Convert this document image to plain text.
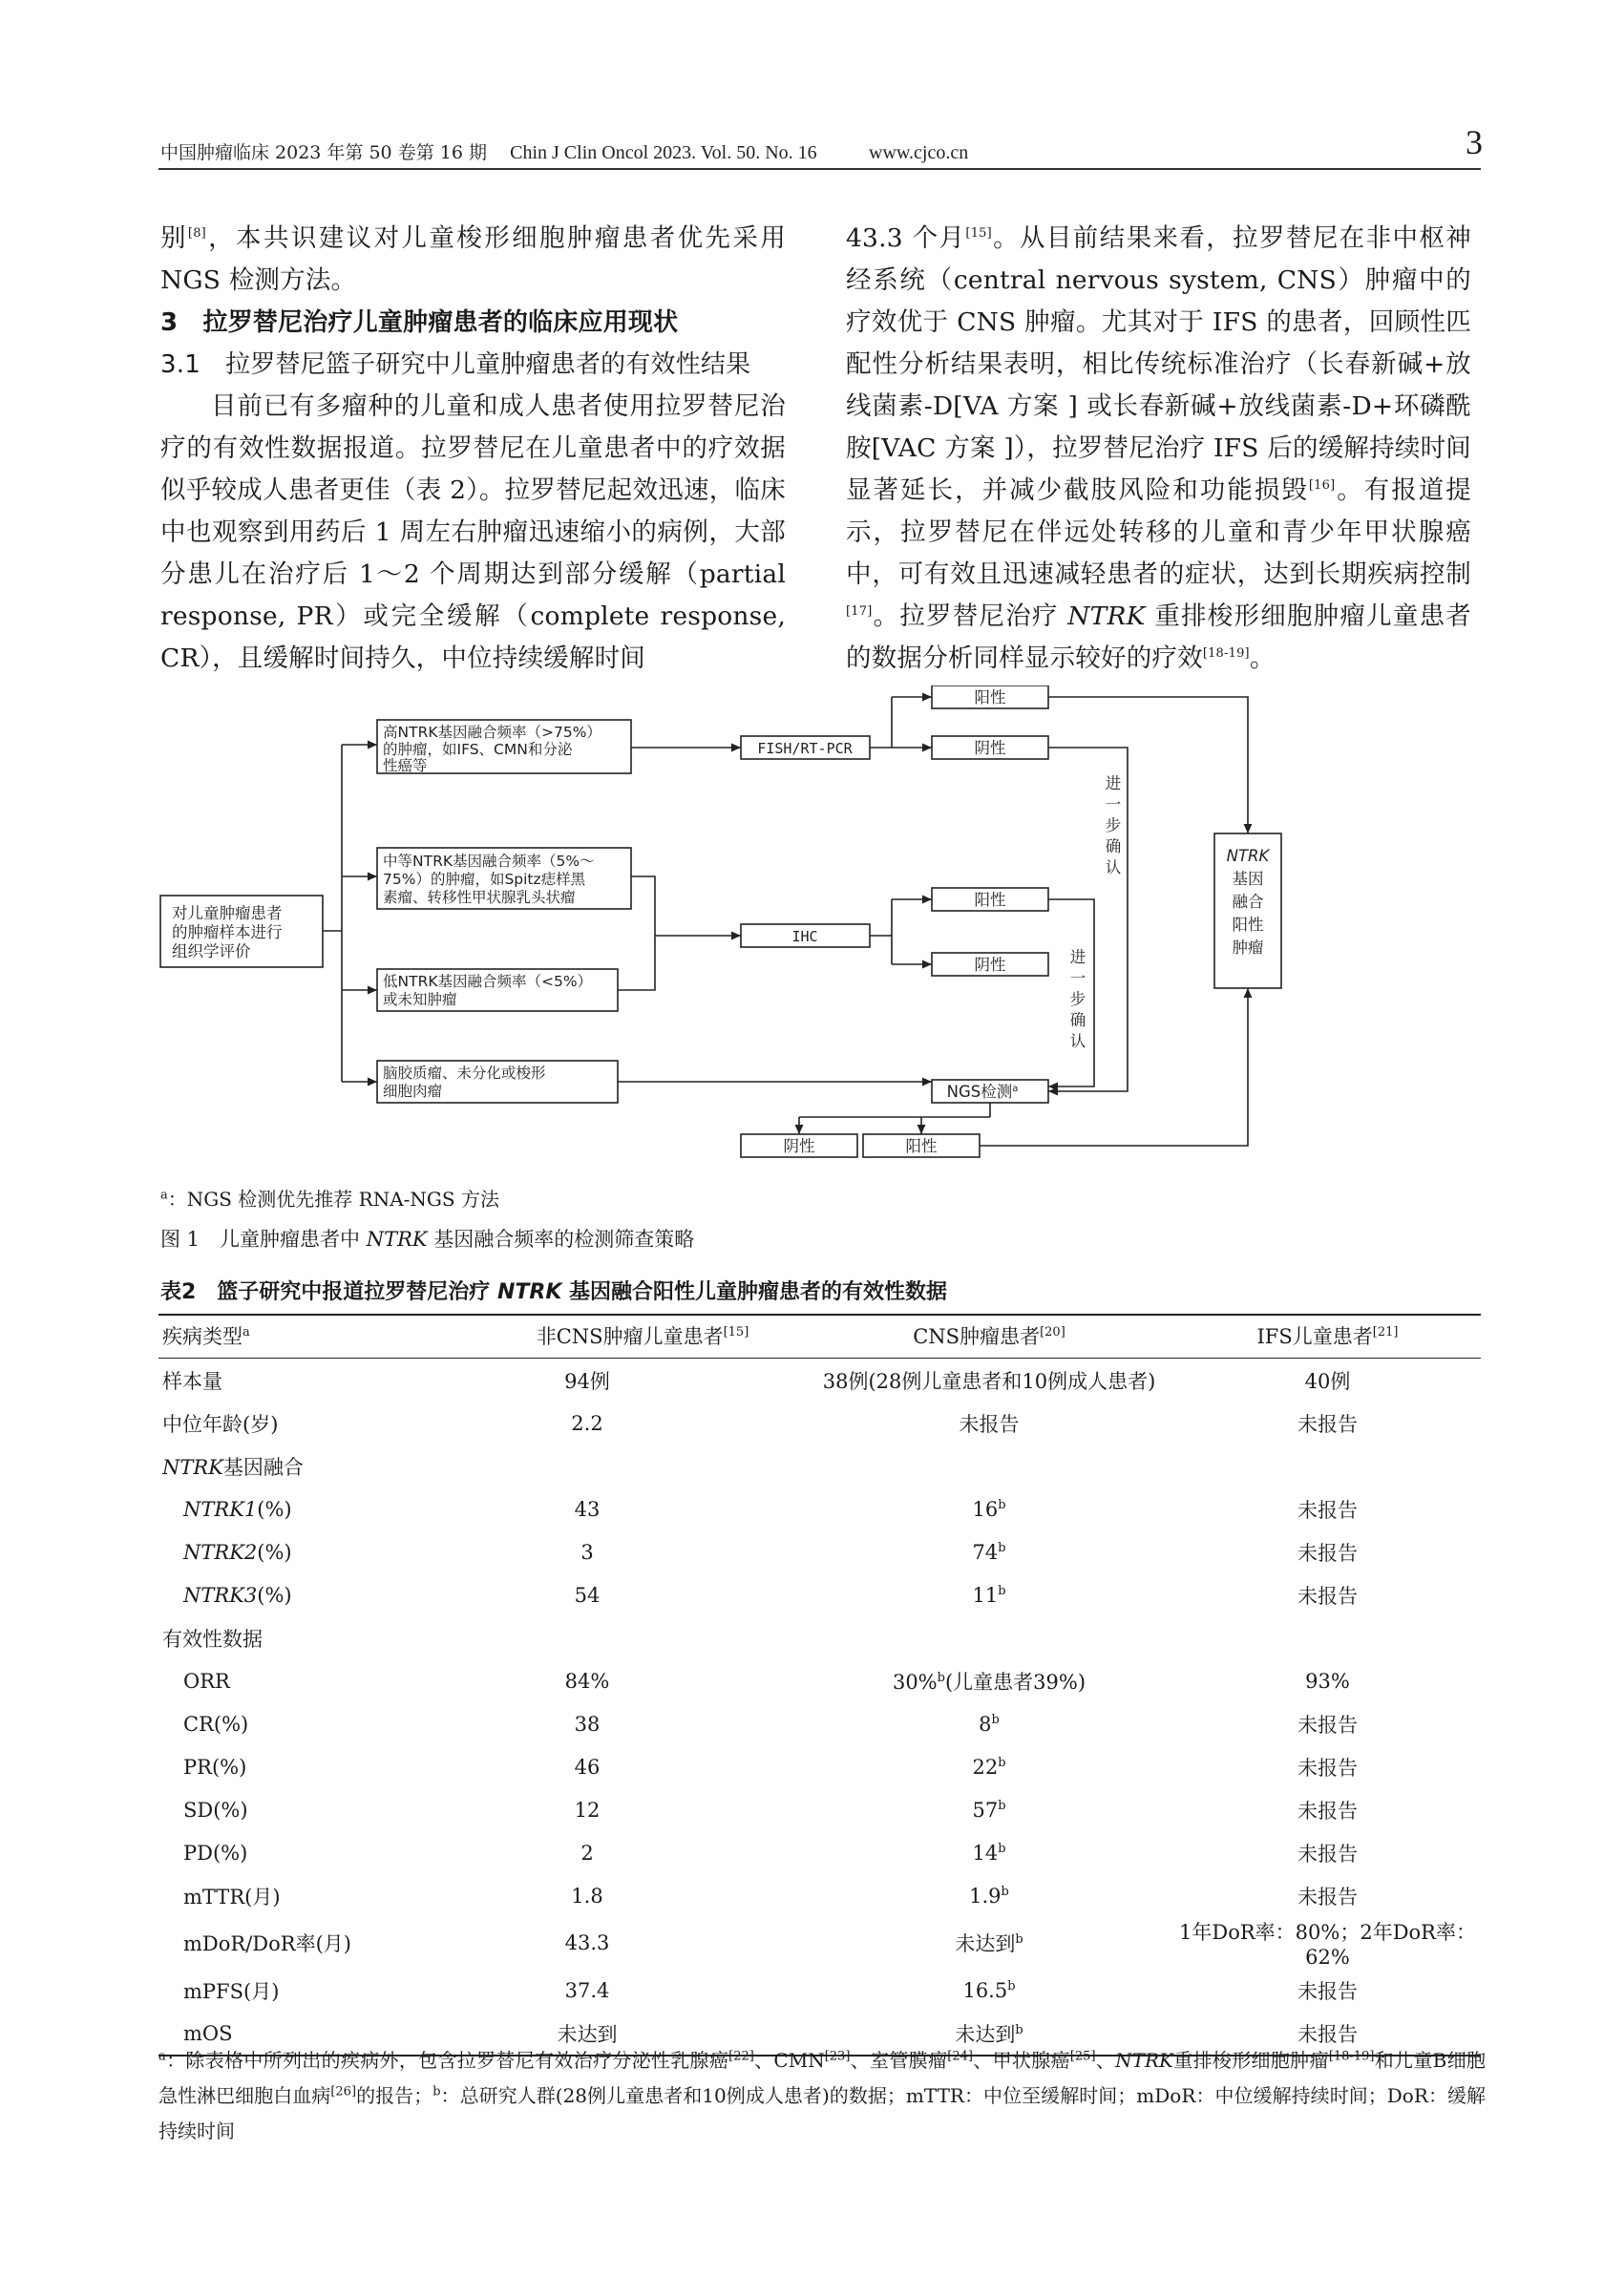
中国肿瘤临床 2023 年第 50 卷第 16 期 Chin J Clin Oncol 2023. Vol. 50. No. 16	www.cjco.cn	3

别[8]，本共识建议对儿童梭形细胞肿瘤患者优先采用NGS 检测方法。

3　拉罗替尼治疗儿童肿瘤患者的临床应用现状

3.1　拉罗替尼篮子研究中儿童肿瘤患者的有效性结果

目前已有多瘤种的儿童和成人患者使用拉罗替尼治疗的有效性数据报道。拉罗替尼在儿童患者中的疗效据似乎较成人患者更佳（表 2）。拉罗替尼起效迅速，临床中也观察到用药后 1 周左右肿瘤迅速缩小的病例，大部分患儿在治疗后 1～2 个周期达到部分缓解（partial response, PR）或完全缓解（complete response, CR），且缓解时间持久，中位持续缓解时间

43.3 个月[15]。从目前结果来看，拉罗替尼在非中枢神经系统（central nervous system, CNS）肿瘤中的疗效优于 CNS 肿瘤。尤其对于 IFS 的患者，回顾性匹配性分析结果表明，相比传统标准治疗（长春新碱+放线菌素-D[VA 方案 ] 或长春新碱+放线菌素-D+环磷酰胺[VAC 方案 ]），拉罗替尼治疗 IFS 后的缓解持续时间显著延长，并减少截肢风险和功能损毁[16]。有报道提示，拉罗替尼在伴远处转移的儿童和青少年甲状腺癌中，可有效且迅速减轻患者的症状，达到长期疾病控制[17]。拉罗替尼治疗 NTRK 重排梭形细胞肿瘤儿童患者的数据分析同样显示较好的疗效[18-19]。

对儿童肿瘤患者
的肿瘤样本进行
组织学评价
高NTRK基因融合频率（>75%）
的肿瘤，如IFS、CMN和分泌
性癌等
中等NTRK基因融合频率（5%～
75%）的肿瘤，如Spitz痣样黑
素瘤、转移性甲状腺乳头状瘤
低NTRK基因融合频率（<5%）
或未知肿瘤
脑胶质瘤、未分化或梭形
细胞肉瘤
FISH/RT-PCR
IHC
阳性
阴性
阳性
阴性
NGS检测$^a$
阴性	阳性
进
一
步
确
认
进
一
步
确
认
NTRK
基因
融合
阳性
肿瘤
$^a$：NGS 检测优先推荐 RNA-NGS 方法
图 1　儿童肿瘤患者中 NTRK 基因融合频率的检测筛查策略
表2　篮子研究中报道拉罗替尼治疗 NTRK 基因融合阳性儿童肿瘤患者的有效性数据
疾病类型$^a$	非CNS肿瘤儿童患者[15]	CNS肿瘤患者[20]	IFS儿童患者[21]
样本量	94例	38例(28例儿童患者和10例成人患者)	40例
中位年龄(岁)	2.2	未报告	未报告
NTRK基因融合			
NTRK1(%)	43	16$^b$	未报告
NTRK2(%)	3	74$^b$	未报告
NTRK3(%)	54	11$^b$	未报告
有效性数据			
ORR	84%	30%$^b$(儿童患者39%)	93%
CR(%)	38	8$^b$	未报告
PR(%)	46	22$^b$	未报告
SD(%)	12	57$^b$	未报告
PD(%)	2	14$^b$	未报告
mTTR(月)	1.8	1.9$^b$	未报告
mDoR/DoR率(月)	43.3	未达到$^b$	1年DoR率：80%；2年DoR率：62%
mPFS(月)	37.4	16.5$^b$	未报告
mOS	未达到	未达到$^b$	未报告
$^a$：除表格中所列出的疾病外，包含拉罗替尼有效治疗分泌性乳腺癌[22]、CMN[23]、室管膜瘤[24]、甲状腺癌[25]、NTRK重排梭形细胞肿瘤[18-19]和儿童B细胞急性淋巴细胞白血病[26]的报告；$^b$：总研究人群(28例儿童患者和10例成人患者)的数据；mTTR：中位至缓解时间；mDoR：中位缓解持续时间；DoR：缓解持续时间
